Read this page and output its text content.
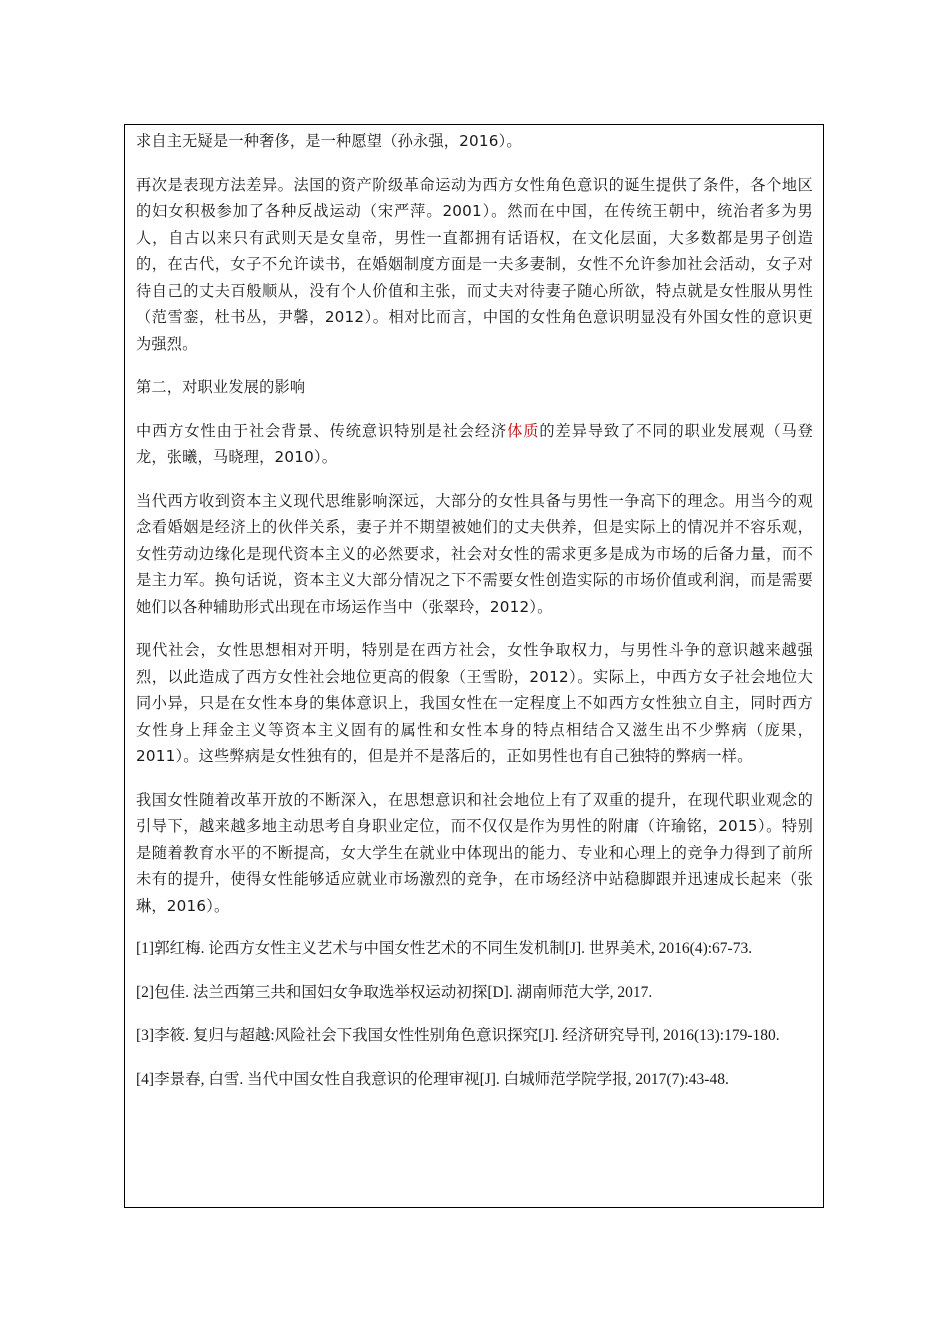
求自主无疑是一种奢侈，是一种愿望（孙永强，2016）。

再次是表现方法差异。法国的资产阶级革命运动为西方女性角色意识的诞生提供了条件，各个地区的妇女积极参加了各种反战运动（宋严萍。2001）。然而在中国，在传统王朝中，统治者多为男人，自古以来只有武则天是女皇帝，男性一直都拥有话语权，在文化层面，大多数都是男子创造的，在古代，女子不允许读书，在婚姻制度方面是一夫多妻制，女性不允许参加社会活动，女子对待自己的丈夫百般顺从，没有个人价值和主张，而丈夫对待妻子随心所欲，特点就是女性服从男性（范雪銮，杜书丛，尹馨，2012）。相对比而言，中国的女性角色意识明显没有外国女性的意识更为强烈。

第二，对职业发展的影响

中西方女性由于社会背景、传统意识特别是社会经济体质的差异导致了不同的职业发展观（马登龙，张曦，马晓理，2010）。

当代西方收到资本主义现代思维影响深远，大部分的女性具备与男性一争高下的理念。用当今的观念看婚姻是经济上的伙伴关系，妻子并不期望被她们的丈夫供养，但是实际上的情况并不容乐观，女性劳动边缘化是现代资本主义的必然要求，社会对女性的需求更多是成为市场的后备力量，而不是主力军。换句话说，资本主义大部分情况之下不需要女性创造实际的市场价值或利润，而是需要她们以各种辅助形式出现在市场运作当中（张翠玲，2012）。

现代社会，女性思想相对开明，特别是在西方社会，女性争取权力，与男性斗争的意识越来越强烈，以此造成了西方女性社会地位更高的假象（王雪盼，2012）。实际上，中西方女子社会地位大同小异，只是在女性本身的集体意识上，我国女性在一定程度上不如西方女性独立自主，同时西方女性身上拜金主义等资本主义固有的属性和女性本身的特点相结合又滋生出不少弊病（庞果，2011）。这些弊病是女性独有的，但是并不是落后的，正如男性也有自己独特的弊病一样。

我国女性随着改革开放的不断深入，在思想意识和社会地位上有了双重的提升，在现代职业观念的引导下，越来越多地主动思考自身职业定位，而不仅仅是作为男性的附庸（许瑜铭，2015）。特别是随着教育水平的不断提高，女大学生在就业中体现出的能力、专业和心理上的竞争力得到了前所未有的提升，使得女性能够适应就业市场激烈的竞争，在市场经济中站稳脚跟并迅速成长起来（张琳，2016）。

[1]郭红梅. 论西方女性主义艺术与中国女性艺术的不同生发机制[J]. 世界美术, 2016(4):67-73.

[2]包佳. 法兰西第三共和国妇女争取选举权运动初探[D]. 湖南师范大学, 2017.

[3]李筱. 复归与超越:风险社会下我国女性性别角色意识探究[J]. 经济研究导刊, 2016(13):179-180.

[4]李景春, 白雪. 当代中国女性自我意识的伦理审视[J]. 白城师范学院学报, 2017(7):43-48.
